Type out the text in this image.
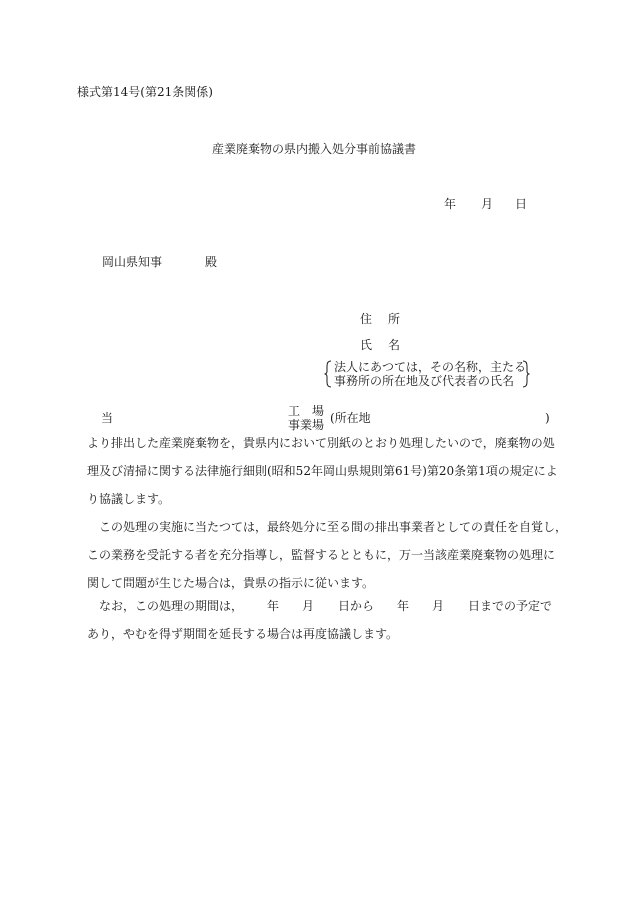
様式第14号(第21条関係)
産業廃棄物の県内搬入処分事前協議書
年 月 日
岡山県知事	殿
住所
氏名
法人にあつては，その名称，主たる
事務所の所在地及び代表者の氏名
当	工　場
事業場 (所在地	)
より排出した産業廃棄物を，貴県内において別紙のとおり処理したいので，廃棄物の処
理及び清掃に関する法律施行細則(昭和52年岡山県規則第61号)第20条第1項の規定によ
り協議します。
この処理の実施に当たつては，最終処分に至る間の排出事業者としての責任を自覚し，
この業務を受託する者を充分指導し，監督するとともに，万一当該産業廃棄物の処理に
関して問題が生じた場合は，貴県の指示に従います。
なお，この処理の期間は， 年 月 日から 年 月 日までの予定で
あり，やむを得ず期間を延長する場合は再度協議します。
